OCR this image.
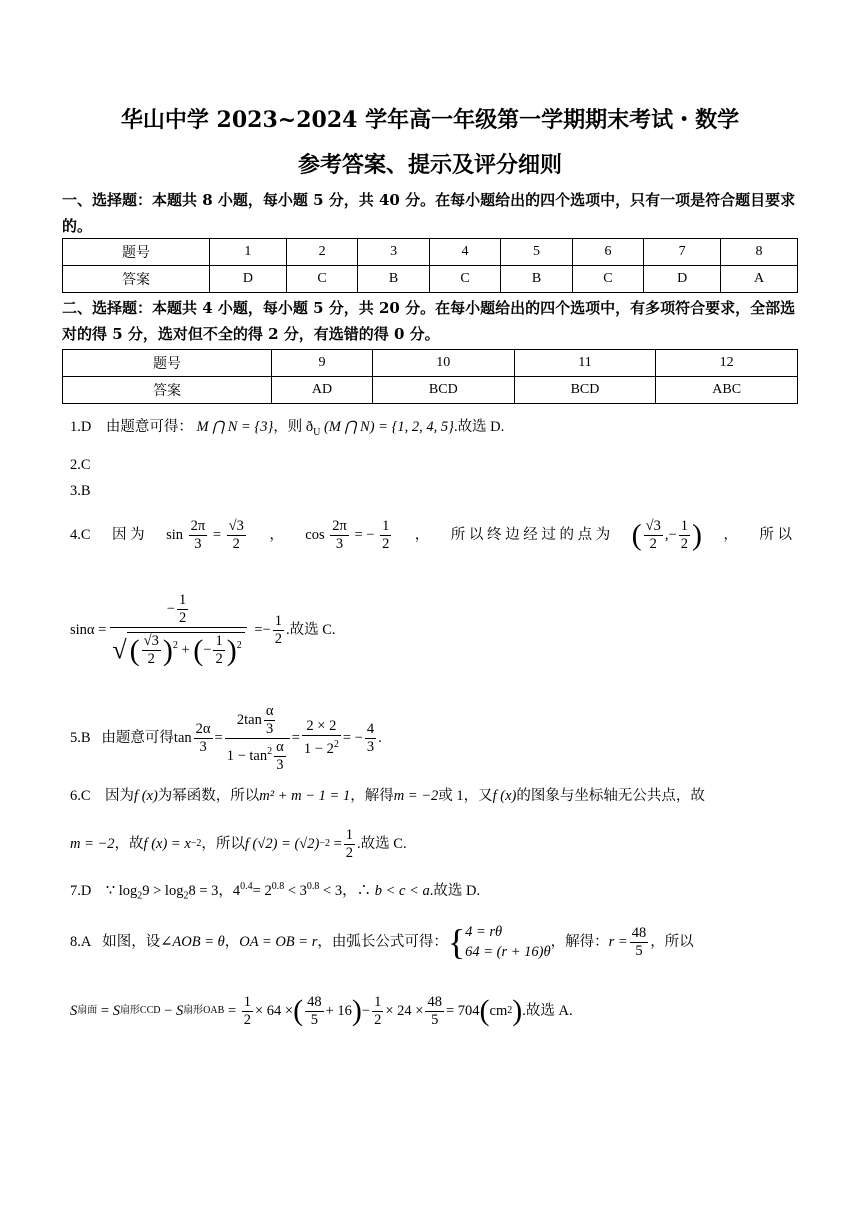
华山中学 2023~2024 学年高一年级第一学期期末考试・数学
参考答案、提示及评分细则
一、选择题：本题共 8 小题，每小题 5 分，共 40 分。在每小题给出的四个选项中，只有一项是符合题目要求的。
题号	1	2	3	4	5	6	7	8
答案	D	C	B	C	B	C	D	A
二、选择题：本题共 4 小题，每小题 5 分，共 20 分。在每小题给出的四个选项中，有多项符合要求，全部选对的得 5 分，选对但不全的得 2 分，有选错的得 0 分。
题号	9	10	11	12
答案	AD	BCD	BCD	ABC
1.D 由题意可得： M ⋂ N = {3}，则 $ð_U$ (M ⋂ N) = {1, 2, 4, 5}.故选 D.
2.C
3.B
4.C 因 为 $\sin \frac{2\pi}{3} = \frac{√3}{2}$ ， $\cos \frac{2\pi}{3}$ = − $\frac{1}{2}$ ， 所 以 终 边 经 过 的 点 为 ( $\frac{√3}{2}$ ,− $\frac{1}{2}$ ) ， 所 以
$\sin\alpha = \frac{- \frac{1}{2}}{√ ( \frac{√3}{2} )^2 + (- \frac{1}{2} )^2}$ = − $\frac{1}{2}$ .故选 C.
5.B
由题意可得 $\tan \frac{2\alpha}{3} = \frac{2\tan \frac{\alpha}{3}}{1 - \tan^2 \frac{\alpha}{3}} = \frac{2 \times 2}{1 - 2^2}$ = − $\frac{4}{3}$ .
6.C 因为f (x)为幂函数，所以m² + m − 1 = 1，解得m = −2或 1，又f (x)的图象与坐标轴无公共点，故
m = −2 ，故 f (x) = x −2 ，所以 f (√2) = (√2) −2
= $\frac{1}{2}$ .故选 C.
7.D ∵ $\log_29 > \log_28 = 3$，$4^{0.4}= 2^{0.8} < 3^{0.8} < 3$，∴ b < c < a.故选 D.
8.A
如图，设∠ AOB = θ ， OA = OB = r ，由弧长公式可得： { 4 = rθ
64 = (r + 16)θ
，解得： $r = \frac{48}{5}$ ，所以
S 扇面 = S 扇形CCD − S 扇形OAB = $\frac{1}{2} \times 64$ × ( $\frac{48}{5} + 16$ ) − $\frac{1}{2} \times 24 \times \frac{48}{5} = 704$ ( cm 2 ) .故选 A.
